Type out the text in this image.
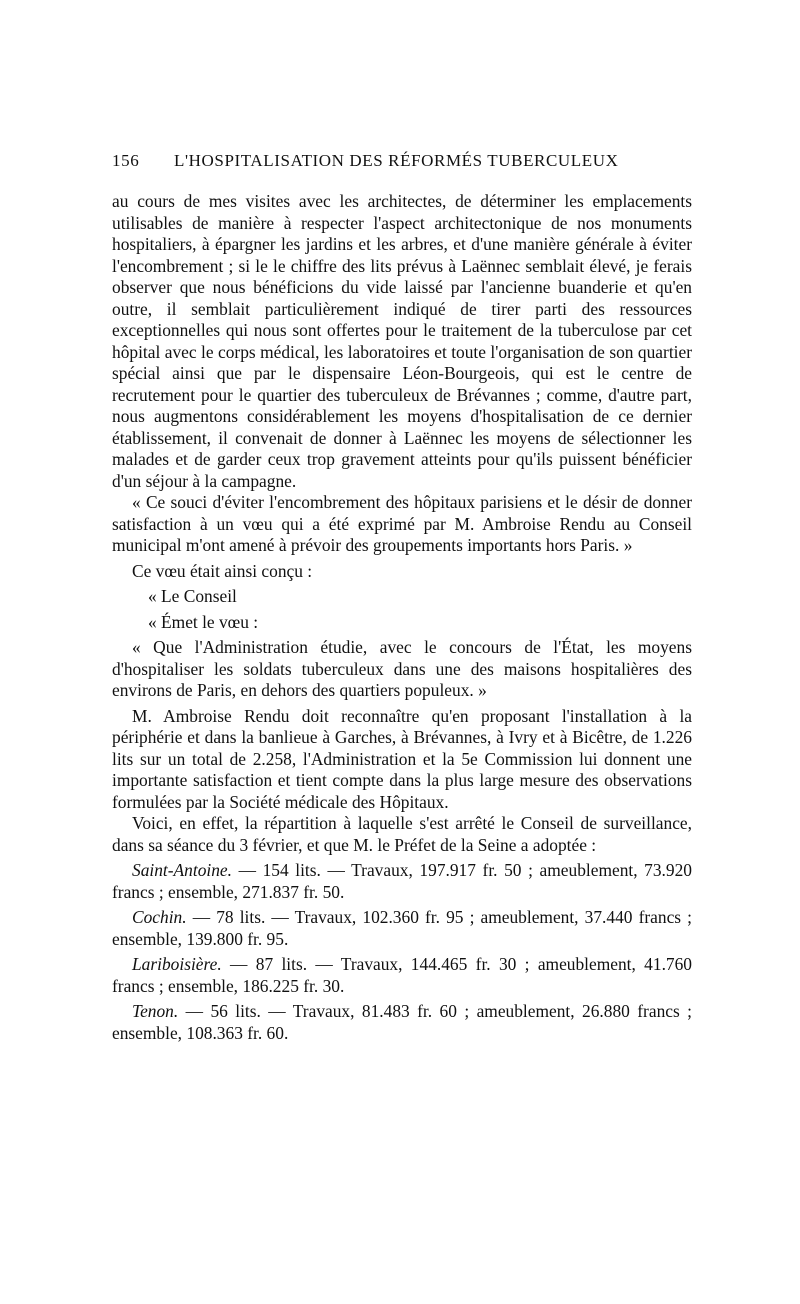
156 L'HOSPITALISATION DES RÉFORMÉS TUBERCULEUX

au cours de mes visites avec les architectes, de déterminer les emplacements utilisables de manière à respecter l'aspect architectonique de nos monuments hospitaliers, à épargner les jardins et les arbres, et d'une manière générale à éviter l'encombrement ; si le le chiffre des lits prévus à Laënnec semblait élevé, je ferais observer que nous bénéficions du vide laissé par l'ancienne buanderie et qu'en outre, il semblait particulièrement indiqué de tirer parti des ressources exceptionnelles qui nous sont offertes pour le traitement de la tuberculose par cet hôpital avec le corps médical, les laboratoires et toute l'organisation de son quartier spécial ainsi que par le dispensaire Léon-Bourgeois, qui est le centre de recrutement pour le quartier des tuberculeux de Brévannes ; comme, d'autre part, nous augmentons considérablement les moyens d'hospitalisation de ce dernier établissement, il convenait de donner à Laënnec les moyens de sélectionner les malades et de garder ceux trop gravement atteints pour qu'ils puissent bénéficier d'un séjour à la campagne.

« Ce souci d'éviter l'encombrement des hôpitaux parisiens et le désir de donner satisfaction à un vœu qui a été exprimé par M. Ambroise Rendu au Conseil municipal m'ont amené à prévoir des groupements importants hors Paris. »

Ce vœu était ainsi conçu :

« Le Conseil

« Émet le vœu :

« Que l'Administration étudie, avec le concours de l'État, les moyens d'hospitaliser les soldats tuberculeux dans une des maisons hospitalières des environs de Paris, en dehors des quartiers populeux. »

M. Ambroise Rendu doit reconnaître qu'en proposant l'installation à la périphérie et dans la banlieue à Garches, à Brévannes, à Ivry et à Bicêtre, de 1.226 lits sur un total de 2.258, l'Administration et la 5e Commission lui donnent une importante satisfaction et tient compte dans la plus large mesure des observations formulées par la Société médicale des Hôpitaux.

Voici, en effet, la répartition à laquelle s'est arrêté le Conseil de surveillance, dans sa séance du 3 février, et que M. le Préfet de la Seine a adoptée :

Saint-Antoine. — 154 lits. — Travaux, 197.917 fr. 50 ; ameublement, 73.920 francs ; ensemble, 271.837 fr. 50.

Cochin. — 78 lits. — Travaux, 102.360 fr. 95 ; ameublement, 37.440 francs ; ensemble, 139.800 fr. 95.

Lariboisière. — 87 lits. — Travaux, 144.465 fr. 30 ; ameublement, 41.760 francs ; ensemble, 186.225 fr. 30.

Tenon. — 56 lits. — Travaux, 81.483 fr. 60 ; ameublement, 26.880 francs ; ensemble, 108.363 fr. 60.
